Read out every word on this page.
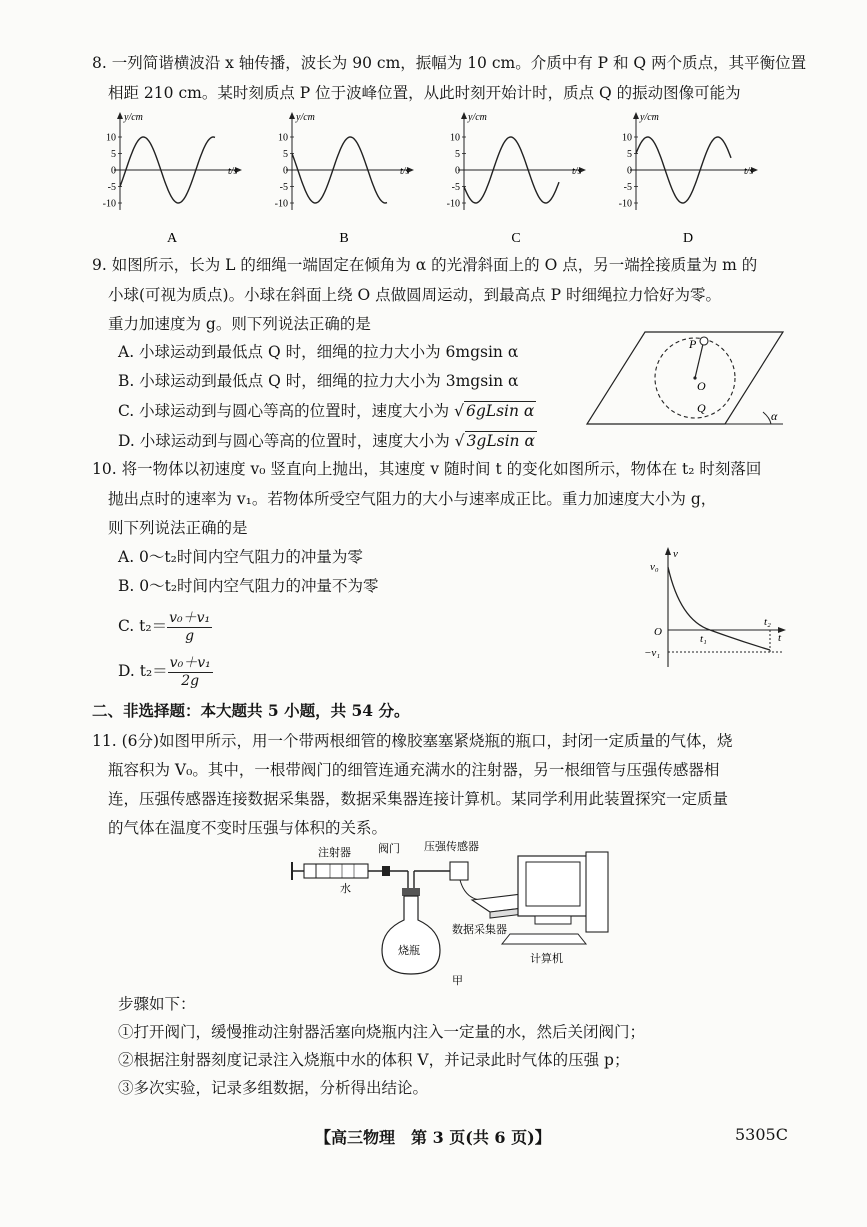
8. 一列简谐横波沿 x 轴传播，波长为 90 cm，振幅为 10 cm。介质中有 P 和 Q 两个质点，其平衡位置
相距 210 cm。某时刻质点 P 位于波峰位置，从此时刻开始计时，质点 Q 的振动图像可能为
y/cm
t/s
10
5
0
-5
-10
A
y/cm
t/s
10
5
0
-5
-10
B
y/cm
t/s
10
5
0
-5
-10
C
y/cm
t/s
10
5
0
-5
-10
D
9. 如图所示，长为 L 的细绳一端固定在倾角为 α 的光滑斜面上的 O 点，另一端拴接质量为 m 的
小球(可视为质点)。小球在斜面上绕 O 点做圆周运动，到最高点 P 时细绳拉力恰好为零。
重力加速度为 g。则下列说法正确的是
A. 小球运动到最低点 Q 时，细绳的拉力大小为 6mgsin α
B. 小球运动到最低点 Q 时，细绳的拉力大小为 3mgsin α
C. 小球运动到与圆心等高的位置时，速度大小为 √ 6gLsin α
D. 小球运动到与圆心等高的位置时，速度大小为 √ 3gLsin α
P
O
Q
α
10. 将一物体以初速度 v₀ 竖直向上抛出，其速度 v 随时间 t 的变化如图所示，物体在 t₂ 时刻落回
抛出点时的速率为 v₁。若物体所受空气阻力的大小与速率成正比。重力加速度大小为 g，
则下列说法正确的是
A. 0～t₂时间内空气阻力的冲量为零
B. 0～t₂时间内空气阻力的冲量不为零
C. $t_2= \frac{\text{v₀＋v₁}}{g}$
D. $t_2= \frac{\text{v₀＋v₁}}{2g}$
v₀
v
O
t₁
t₂
t
−v₁
二、非选择题：本大题共 5 小题，共 54 分。
11. (6分)如图甲所示，用一个带两根细管的橡胶塞塞紧烧瓶的瓶口，封闭一定质量的气体，烧
瓶容积为 V₀。其中，一根带阀门的细管连通充满水的注射器，另一根细管与压强传感器相
连，压强传感器连接数据采集器，数据采集器连接计算机。某同学利用此装置探究一定质量
的气体在温度不变时压强与体积的关系。
注射器 阀门 压强传感器
水
数据采集器
烧瓶
计算机
甲
步骤如下：
①打开阀门，缓慢推动注射器活塞向烧瓶内注入一定量的水，然后关闭阀门；
②根据注射器刻度记录注入烧瓶中水的体积 V，并记录此时气体的压强 p；
③多次实验，记录多组数据，分析得出结论。
【高三物理　第 3 页(共 6 页)】	5305C
